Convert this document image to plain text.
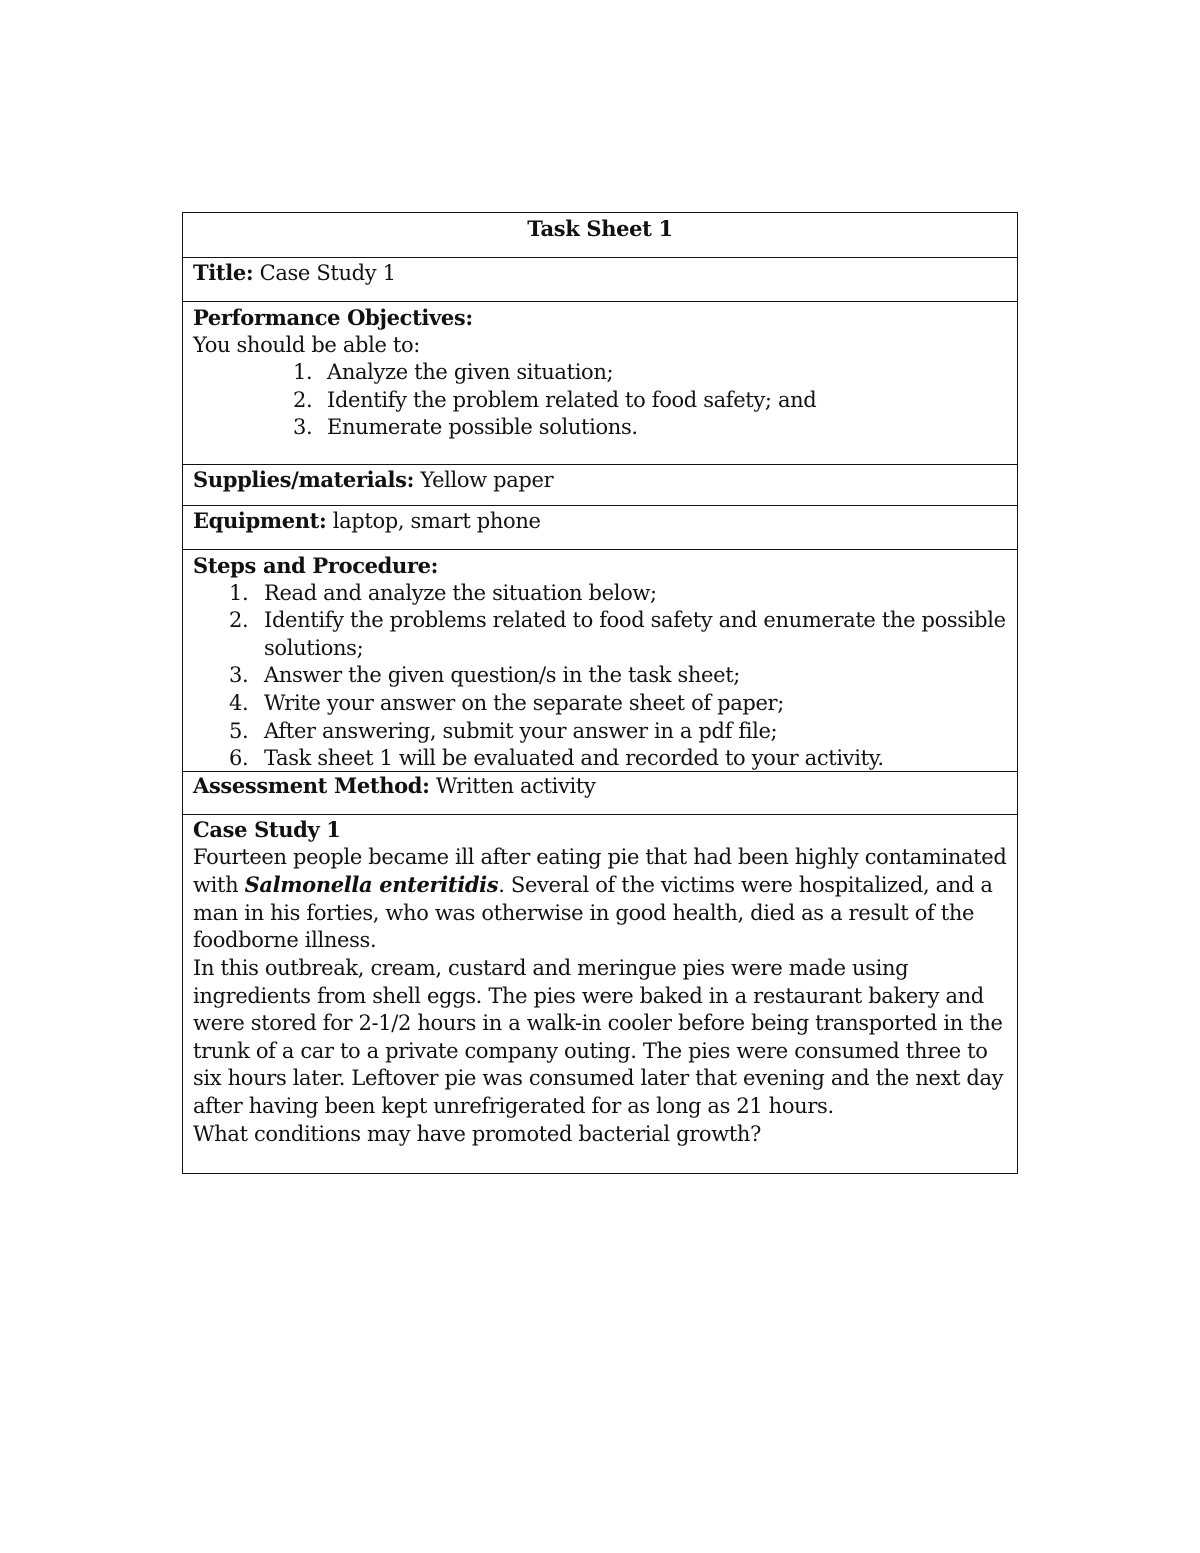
Task Sheet 1
Title: Case Study 1
Performance Objectives:
You should be able to:
1. Analyze the given situation;
2. Identify the problem related to food safety; and
3. Enumerate possible solutions.
Supplies/materials: Yellow paper
Equipment: laptop, smart phone
Steps and Procedure:
1. Read and analyze the situation below;
2. Identify the problems related to food safety and enumerate the possible solutions;
3. Answer the given question/s in the task sheet;
4. Write your answer on the separate sheet of paper;
5. After answering, submit your answer in a pdf file;
6. Task sheet 1 will be evaluated and recorded to your activity.
Assessment Method: Written activity
Case Study 1

Fourteen people became ill after eating pie that had been highly contaminated with Salmonella enteritidis. Several of the victims were hospitalized, and a man in his forties, who was otherwise in good health, died as a result of the foodborne illness.

In this outbreak, cream, custard and meringue pies were made using ingredients from shell eggs. The pies were baked in a restaurant bakery and were stored for 2-1/2 hours in a walk-in cooler before being transported in the trunk of a car to a private company outing. The pies were consumed three to six hours later. Leftover pie was consumed later that evening and the next day after having been kept unrefrigerated for as long as 21 hours.

What conditions may have promoted bacterial growth?
